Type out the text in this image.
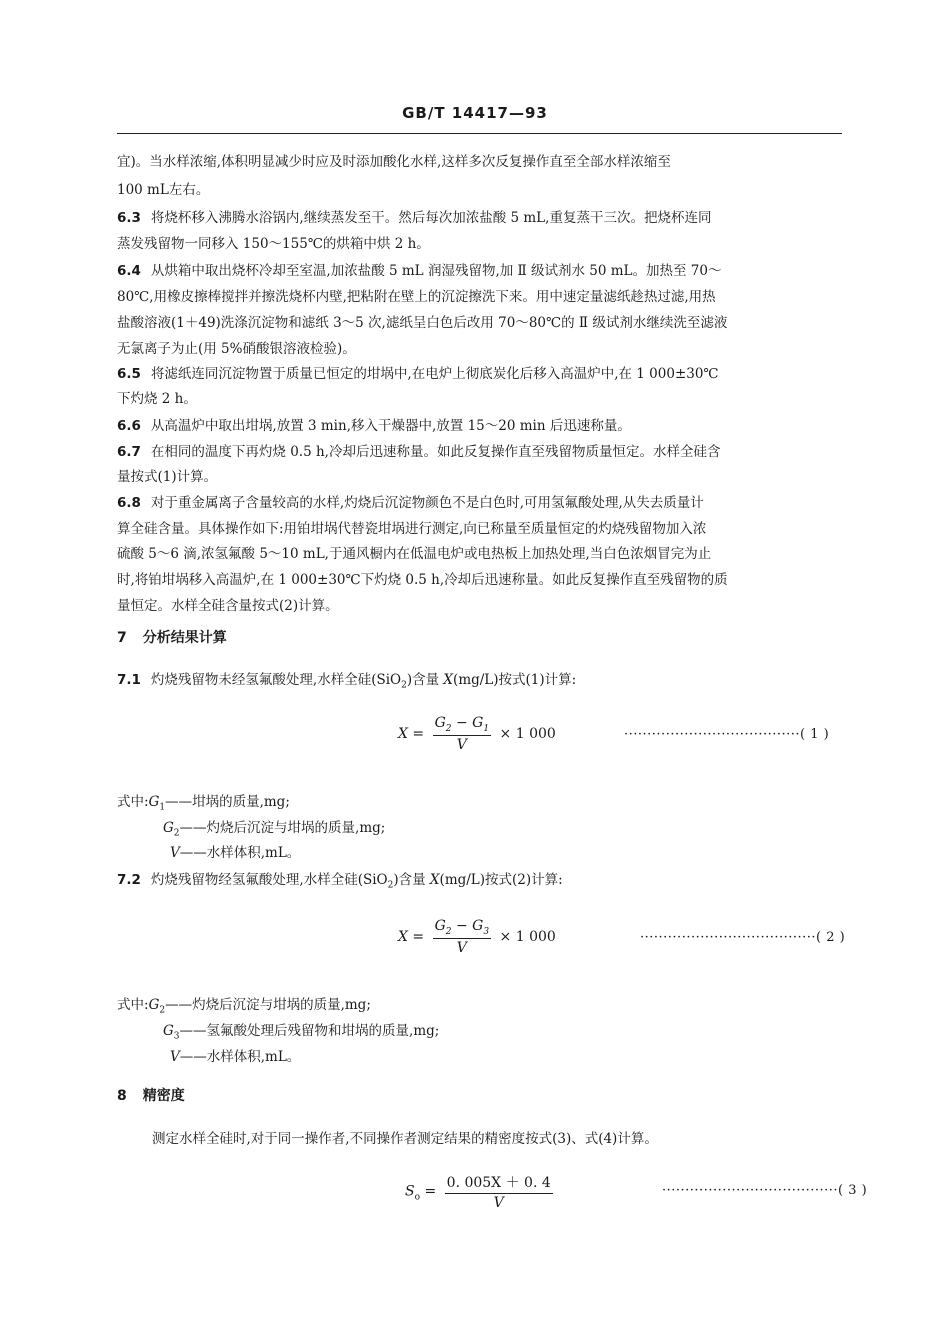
GB/T 14417—93
宜)。当水样浓缩,体积明显减少时应及时添加酸化水样,这样多次反复操作直至全部水样浓缩至
100 mL左右。
6.3 将烧杯移入沸腾水浴锅内,继续蒸发至干。然后每次加浓盐酸 5 mL,重复蒸干三次。把烧杯连同
蒸发残留物一同移入 150～155℃的烘箱中烘 2 h。
6.4 从烘箱中取出烧杯冷却至室温,加浓盐酸 5 mL 润湿残留物,加 Ⅱ 级试剂水 50 mL。加热至 70～
80℃,用橡皮擦棒搅拌并擦洗烧杯内壁,把粘附在壁上的沉淀擦洗下来。用中速定量滤纸趁热过滤,用热
盐酸溶液(1＋49)洗涤沉淀物和滤纸 3～5 次,滤纸呈白色后改用 70～80℃的 Ⅱ 级试剂水继续洗至滤液
无氯离子为止(用 5%硝酸银溶液检验)。
6.5 将滤纸连同沉淀物置于质量已恒定的坩埚中,在电炉上彻底炭化后移入高温炉中,在 1 000±30℃
下灼烧 2 h。
6.6 从高温炉中取出坩埚,放置 3 min,移入干燥器中,放置 15～20 min 后迅速称量。
6.7 在相同的温度下再灼烧 0.5 h,冷却后迅速称量。如此反复操作直至残留物质量恒定。水样全硅含
量按式(1)计算。
6.8 对于重金属离子含量较高的水样,灼烧后沉淀物颜色不是白色时,可用氢氟酸处理,从失去质量计
算全硅含量。具体操作如下:用铂坩埚代替瓷坩埚进行测定,向已称量至质量恒定的灼烧残留物加入浓
硫酸 5～6 滴,浓氢氟酸 5～10 mL,于通风橱内在低温电炉或电热板上加热处理,当白色浓烟冒完为止
时,将铂坩埚移入高温炉,在 1 000±30℃下灼烧 0.5 h,冷却后迅速称量。如此反复操作直至残留物的质
量恒定。水样全硅含量按式(2)计算。
7 分析结果计算
7.1 灼烧残留物未经氢氟酸处理,水样全硅(SiO$_2$)含量 X(mg/L)按式(1)计算:
$X = \frac{G_2 - G_1}{V} \times 1$ 000	······································( 1 )
式中$:G_1——$坩埚的质量,mg;
$G_2——$灼烧后沉淀与坩埚的质量,mg;
V——水样体积,mL。
7.2 灼烧残留物经氢氟酸处理,水样全硅(SiO$_2$)含量 X(mg/L)按式(2)计算:
$X = \frac{G_2 - G_3}{V} \times 1$ 000	······································( 2 )
式中$:G_2——$灼烧后沉淀与坩埚的质量,mg;
$G_3——$氢氟酸处理后残留物和坩埚的质量,mg;
V——水样体积,mL。
8 精密度
测定水样全硅时,对于同一操作者,不同操作者测定结果的精密度按式(3)、式(4)计算。
$S_o = \frac{0. 005X + 0. 4}{V}$	······································( 3 )
